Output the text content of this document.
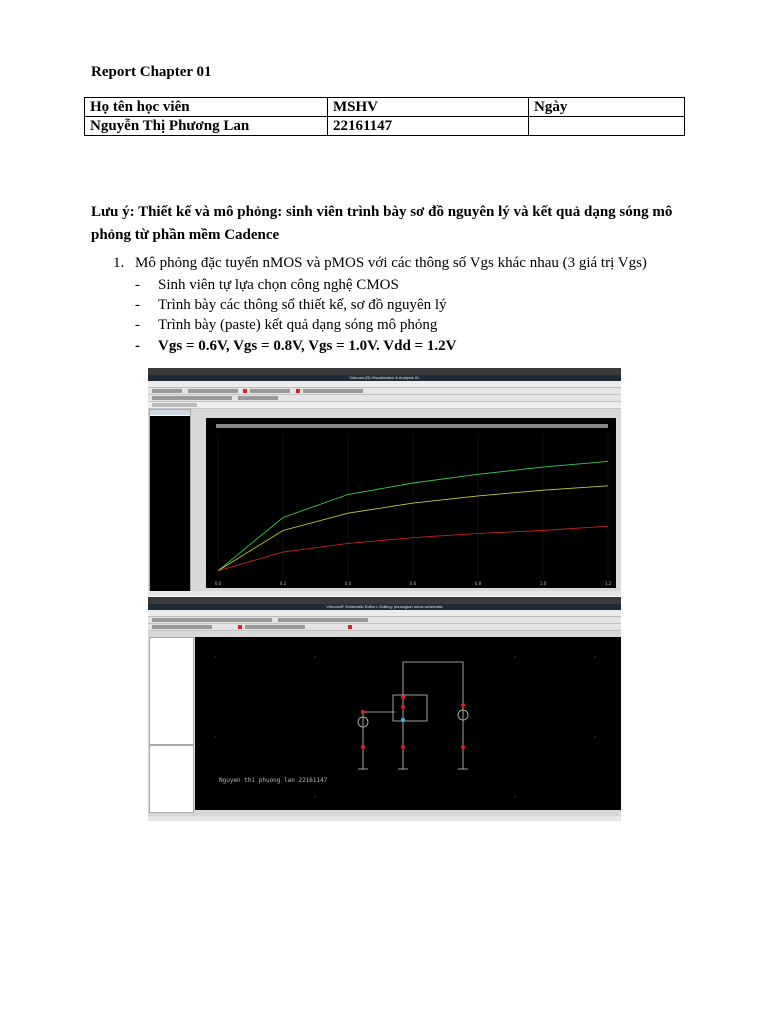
Report Chapter 01
Họ tên học viên	MSHV	Ngày
Nguyễn Thị Phương Lan	22161147	
Lưu ý: Thiết kế và mô phỏng: sinh viên trình bày sơ đồ nguyên lý và kết quả dạng sóng mô phỏng từ phần mềm Cadence
1. Mô phỏng đặc tuyến nMOS và pMOS với các thông số Vgs khác nhau (3 giá trị Vgs)
- Sinh viên tự lựa chọn công nghệ CMOS
- Trình bày các thông số thiết kế, sơ đồ nguyên lý
- Trình bày (paste) kết quả dạng sóng mô phỏng
- Vgs = 0.6V, Vgs = 0.8V, Vgs = 1.0V. Vdd = 1.2V
Virtuoso (R) Visualization & Analysis XL
0.0	0.2	0.4	0.6	0.8	1.0	1.2
Virtuoso® Schematic Editor L Editing: phuonglan nmos schematic
Nguyen thi phuong lan 22161147
